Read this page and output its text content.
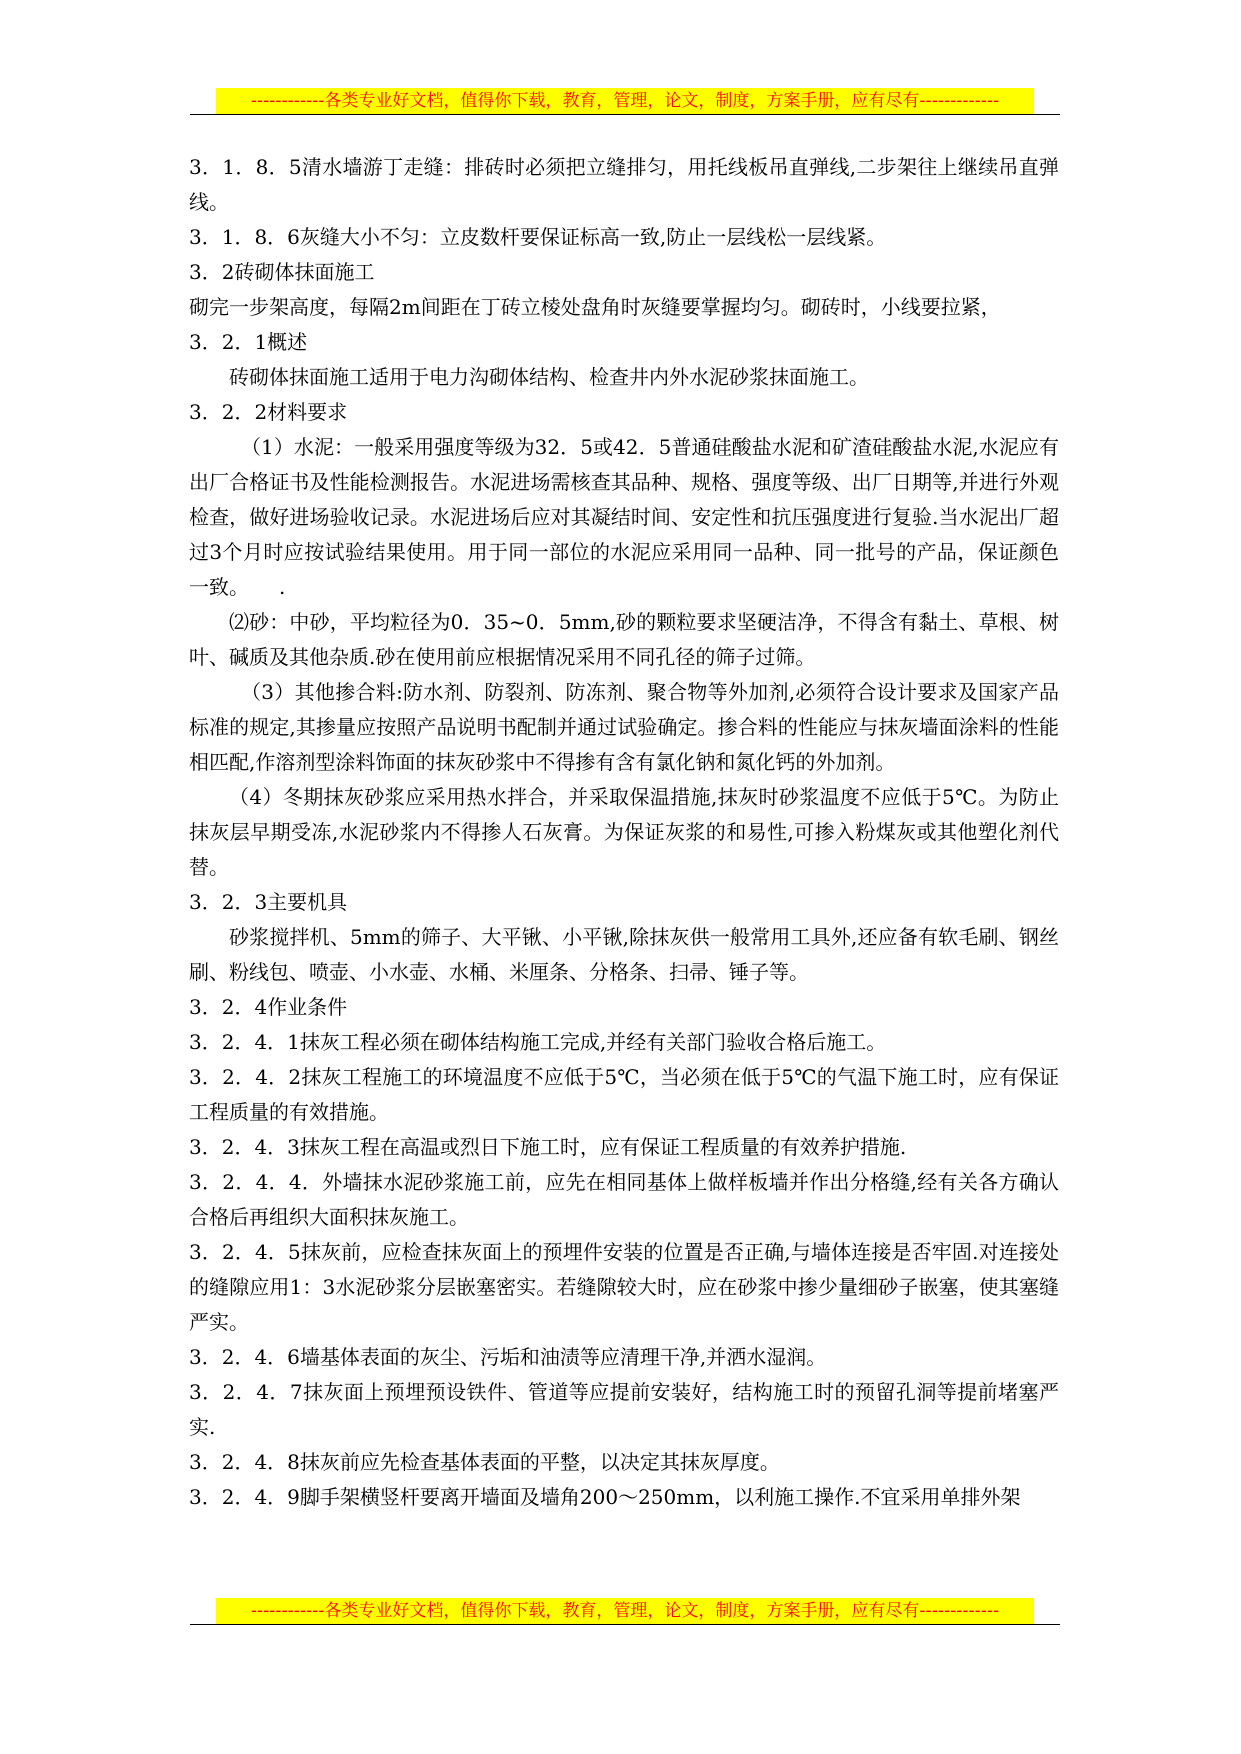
------------各类专业好文档，值得你下载，教育，管理，论文，制度，方案手册，应有尽有-------------

3．1．8．5清水墙游丁走缝：排砖时必须把立缝排匀，用托线板吊直弹线,二步架往上继续吊直弹线。

3．1．8．6灰缝大小不匀：立皮数杆要保证标高一致,防止一层线松一层线紧。

3．2砖砌体抹面施工

砌完一步架高度，每隔2m间距在丁砖立棱处盘角时灰缝要掌握均匀。砌砖时，小线要拉紧，

3．2．1概述

砖砌体抹面施工适用于电力沟砌体结构、检查井内外水泥砂浆抹面施工。

3．2．2材料要求

（1）水泥：一般采用强度等级为32．5或42．5普通硅酸盐水泥和矿渣硅酸盐水泥,水泥应有出厂合格证书及性能检测报告。水泥进场需核查其品种、规格、强度等级、出厂日期等,并进行外观检查，做好进场验收记录。水泥进场后应对其凝结时间、安定性和抗压强度进行复验.当水泥出厂超过3个月时应按试验结果使用。用于同一部位的水泥应采用同一品种、同一批号的产品，保证颜色一致。　　.

⑵砂：中砂，平均粒径为0．35~0．5mm,砂的颗粒要求坚硬洁净，不得含有黏土、草根、树叶、碱质及其他杂质.砂在使用前应根据情况采用不同孔径的筛子过筛。

（3）其他掺合料:防水剂、防裂剂、防冻剂、聚合物等外加剂,必须符合设计要求及国家产品标准的规定,其掺量应按照产品说明书配制并通过试验确定。掺合料的性能应与抹灰墙面涂料的性能相匹配,作溶剂型涂料饰面的抹灰砂浆中不得掺有含有氯化钠和氮化钙的外加剂。

（4）冬期抹灰砂浆应采用热水拌合，并采取保温措施,抹灰时砂浆温度不应低于5℃。为防止抹灰层早期受冻,水泥砂浆内不得掺人石灰膏。为保证灰浆的和易性,可掺入粉煤灰或其他塑化剂代替。

3．2．3主要机具

砂浆搅拌机、5mm的筛子、大平锹、小平锹,除抹灰供一般常用工具外,还应备有软毛刷、钢丝刷、粉线包、喷壶、小水壶、水桶、米厘条、分格条、扫帚、锤子等。

3．2．4作业条件

3．2．4．1抹灰工程必须在砌体结构施工完成,并经有关部门验收合格后施工。

3．2．4．2抹灰工程施工的环境温度不应低于5℃，当必须在低于5℃的气温下施工时，应有保证工程质量的有效措施。

3．2．4．3抹灰工程在高温或烈日下施工时，应有保证工程质量的有效养护措施.

3．2．4．4．外墙抹水泥砂浆施工前，应先在相同基体上做样板墙并作出分格缝,经有关各方确认合格后再组织大面积抹灰施工。

3．2．4．5抹灰前，应检查抹灰面上的预埋件安装的位置是否正确,与墙体连接是否牢固.对连接处的缝隙应用1：3水泥砂浆分层嵌塞密实。若缝隙较大时，应在砂浆中掺少量细砂子嵌塞，使其塞缝严实。

3．2．4．6墙基体表面的灰尘、污垢和油渍等应清理干净,并洒水湿润。

3．2．4．7抹灰面上预埋预设铁件、管道等应提前安装好，结构施工时的预留孔洞等提前堵塞严实.

3．2．4．8抹灰前应先检查基体表面的平整，以决定其抹灰厚度。

3．2．4．9脚手架横竖杆要离开墙面及墙角200～250mm，以利施工操作.不宜采用单排外架

------------各类专业好文档，值得你下载，教育，管理，论文，制度，方案手册，应有尽有-------------
